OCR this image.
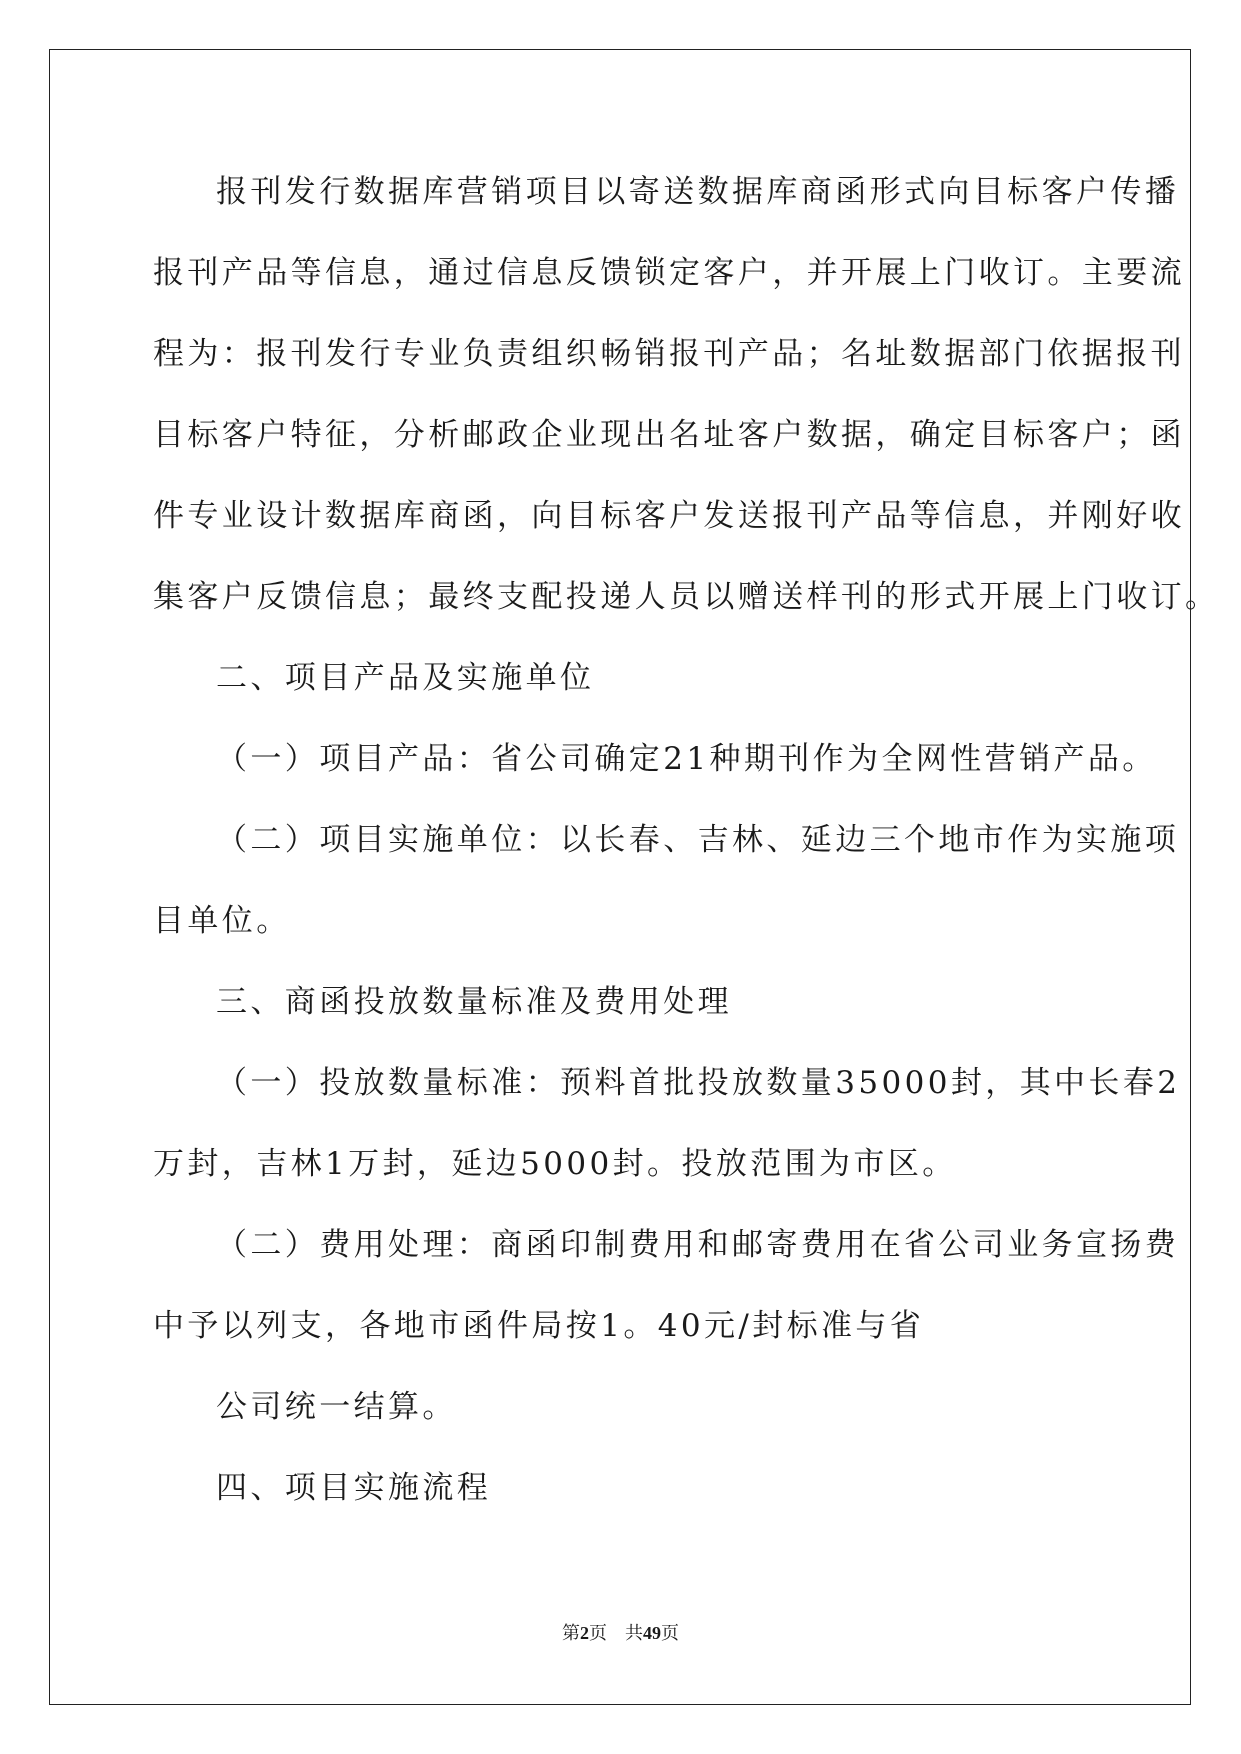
报刊发行数据库营销项目以寄送数据库商函形式向目标客户传播
报刊产品等信息，通过信息反馈锁定客户，并开展上门收订。主要流
程为：报刊发行专业负责组织畅销报刊产品；名址数据部门依据报刊
目标客户特征，分析邮政企业现出名址客户数据，确定目标客户；函
件专业设计数据库商函，向目标客户发送报刊产品等信息，并刚好收
集客户反馈信息；最终支配投递人员以赠送样刊的形式开展上门收订。
二、项目产品及实施单位
（一）项目产品：省公司确定21种期刊作为全网性营销产品。
（二）项目实施单位：以长春、吉林、延边三个地市作为实施项
目单位。
三、商函投放数量标准及费用处理
（一）投放数量标准：预料首批投放数量35000封，其中长春2
万封，吉林1万封，延边5000封。投放范围为市区。
（二）费用处理：商函印制费用和邮寄费用在省公司业务宣扬费
中予以列支，各地市函件局按1。40元/封标准与省
公司统一结算。
四、项目实施流程
第2页 共49页
